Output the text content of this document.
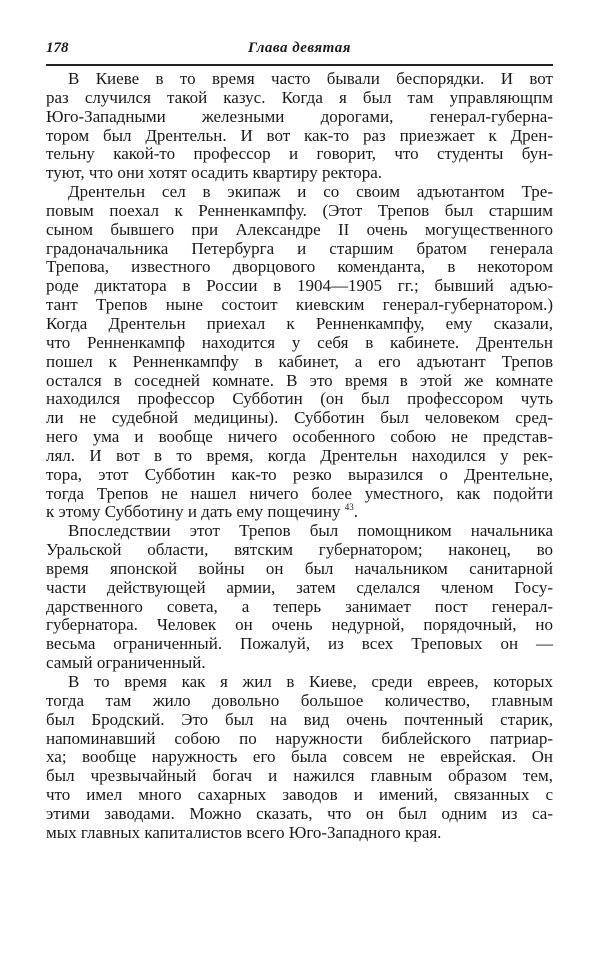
178	Глава девятая
В Киеве в то время часто бывали беспорядки. И вот
раз случился такой казус. Когда я был там управляющпм
Юго-Западными железными дорогами, генерал-губерна-
тором был Дрентельн. И вот как-то раз приезжает к Дрен-
тельну какой-то профессор и говорит, что студенты бун-
туют, что они хотят осадить квартиру ректора.
Дрентельн сел в экипаж и со своим адъютантом Тре-
повым поехал к Ренненкампфу. (Этот Трепов был старшим
сыном бывшего при Александре II очень могущественного
градоначальника Петербурга и старшим братом генерала
Трепова, известного дворцового коменданта, в некотором
роде диктатора в России в 1904—1905 гг.; бывший адъю-
тант Трепов ныне состоит киевским генерал-губернатором.)
Когда Дрентельн приехал к Ренненкампфу, ему сказали,
что Ренненкампф находится у себя в кабинете. Дрентельн
пошел к Ренненкампфу в кабинет, а его адъютант Трепов
остался в соседней комнате. В это время в этой же комнате
находился профессор Субботин (он был профессором чуть
ли не судебной медицины). Субботин был человеком сред-
него ума и вообще ничего особенного собою не представ-
лял. И вот в то время, когда Дрентельн находился у рек-
тора, этот Субботин как-то резко выразился о Дрентельне,
тогда Трепов не нашел ничего более уместного, как подойти
к этому Субботину и дать ему пощечину $^{43}$.
Впоследствии этот Трепов был помощником начальника
Уральской области, вятским губернатором; наконец, во
время японской войны он был начальником санитарной
части действующей армии, затем сделался членом Госу-
дарственного совета, а теперь занимает пост генерал-
губернатора. Человек он очень недурной, порядочный, но
весьма ограниченный. Пожалуй, из всех Треповых он —
самый ограниченный.
В то время как я жил в Киеве, среди евреев, которых
тогда там жило довольно большое количество, главным
был Бродский. Это был на вид очень почтенный старик,
напоминавший собою по наружности библейского патриар-
ха; вообще наружность его была совсем не еврейская. Он
был чрезвычайный богач и нажился главным образом тем,
что имел много сахарных заводов и имений, связанных с
этими заводами. Можно сказать, что он был одним из са-
мых главных капиталистов всего Юго-Западного края.
